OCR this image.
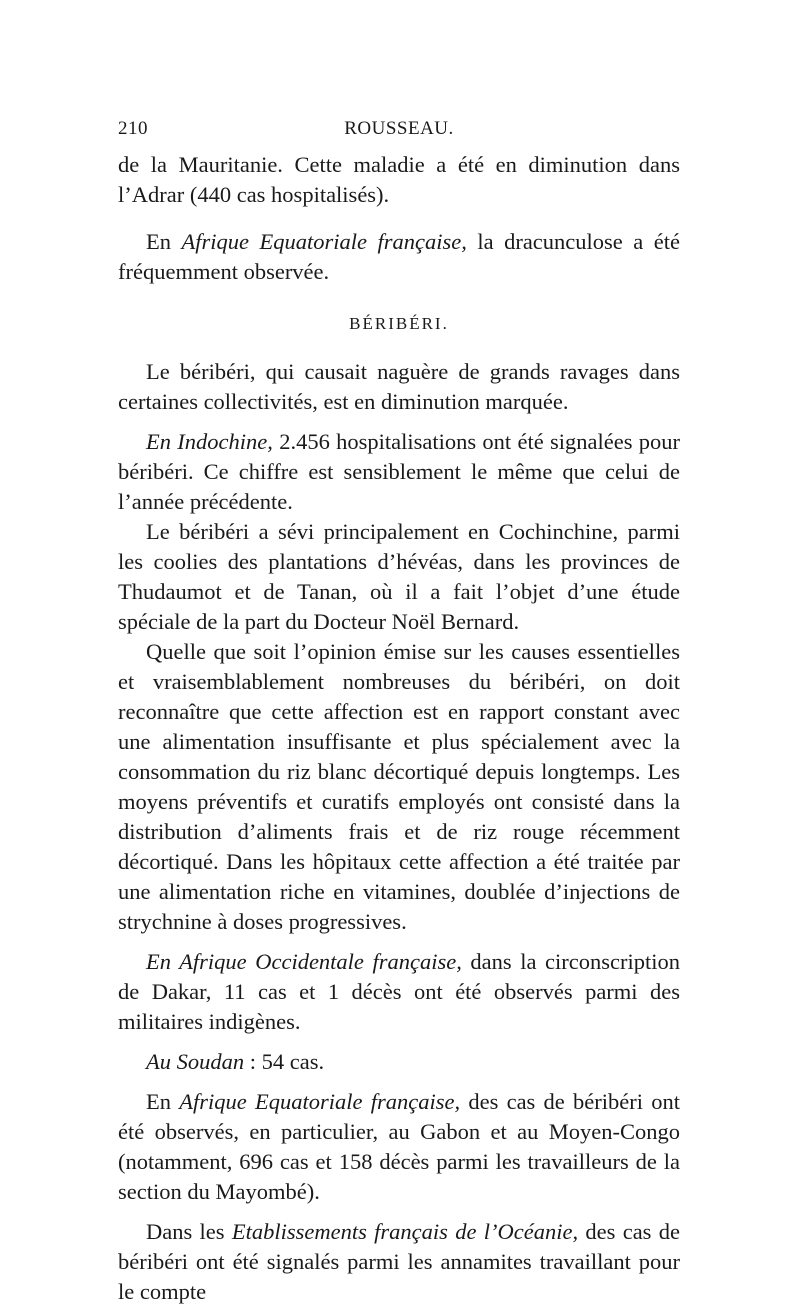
210	ROUSSEAU.

de la Mauritanie. Cette maladie a été en diminution dans l’Adrar (440 cas hospitalisés).

En Afrique Equatoriale française, la dracunculose a été fréquemment observée.

BÉRIBÉRI.

Le béribéri, qui causait naguère de grands ravages dans certaines collectivités, est en diminution marquée.

En Indochine, 2.456 hospitalisations ont été signalées pour béribéri. Ce chiffre est sensiblement le même que celui de l’année précédente.

Le béribéri a sévi principalement en Cochinchine, parmi les coolies des plantations d’hévéas, dans les provinces de Thudaumot et de Tanan, où il a fait l’objet d’une étude spéciale de la part du Docteur Noël Bernard.

Quelle que soit l’opinion émise sur les causes essentielles et vraisemblablement nombreuses du béribéri, on doit reconnaître que cette affection est en rapport constant avec une alimentation insuffisante et plus spécialement avec la consommation du riz blanc décortiqué depuis longtemps. Les moyens préventifs et curatifs employés ont consisté dans la distribution d’aliments frais et de riz rouge récemment décortiqué. Dans les hôpitaux cette affection a été traitée par une alimentation riche en vitamines, doublée d’injections de strychnine à doses progressives.

En Afrique Occidentale française, dans la circonscription de Dakar, 11 cas et 1 décès ont été observés parmi des militaires indigènes.

Au Soudan : 54 cas.

En Afrique Equatoriale française, des cas de béribéri ont été observés, en particulier, au Gabon et au Moyen-Congo (notamment, 696 cas et 158 décès parmi les travailleurs de la section du Mayombé).

Dans les Etablissements français de l’Océanie, des cas de béribéri ont été signalés parmi les annamites travaillant pour le compte
